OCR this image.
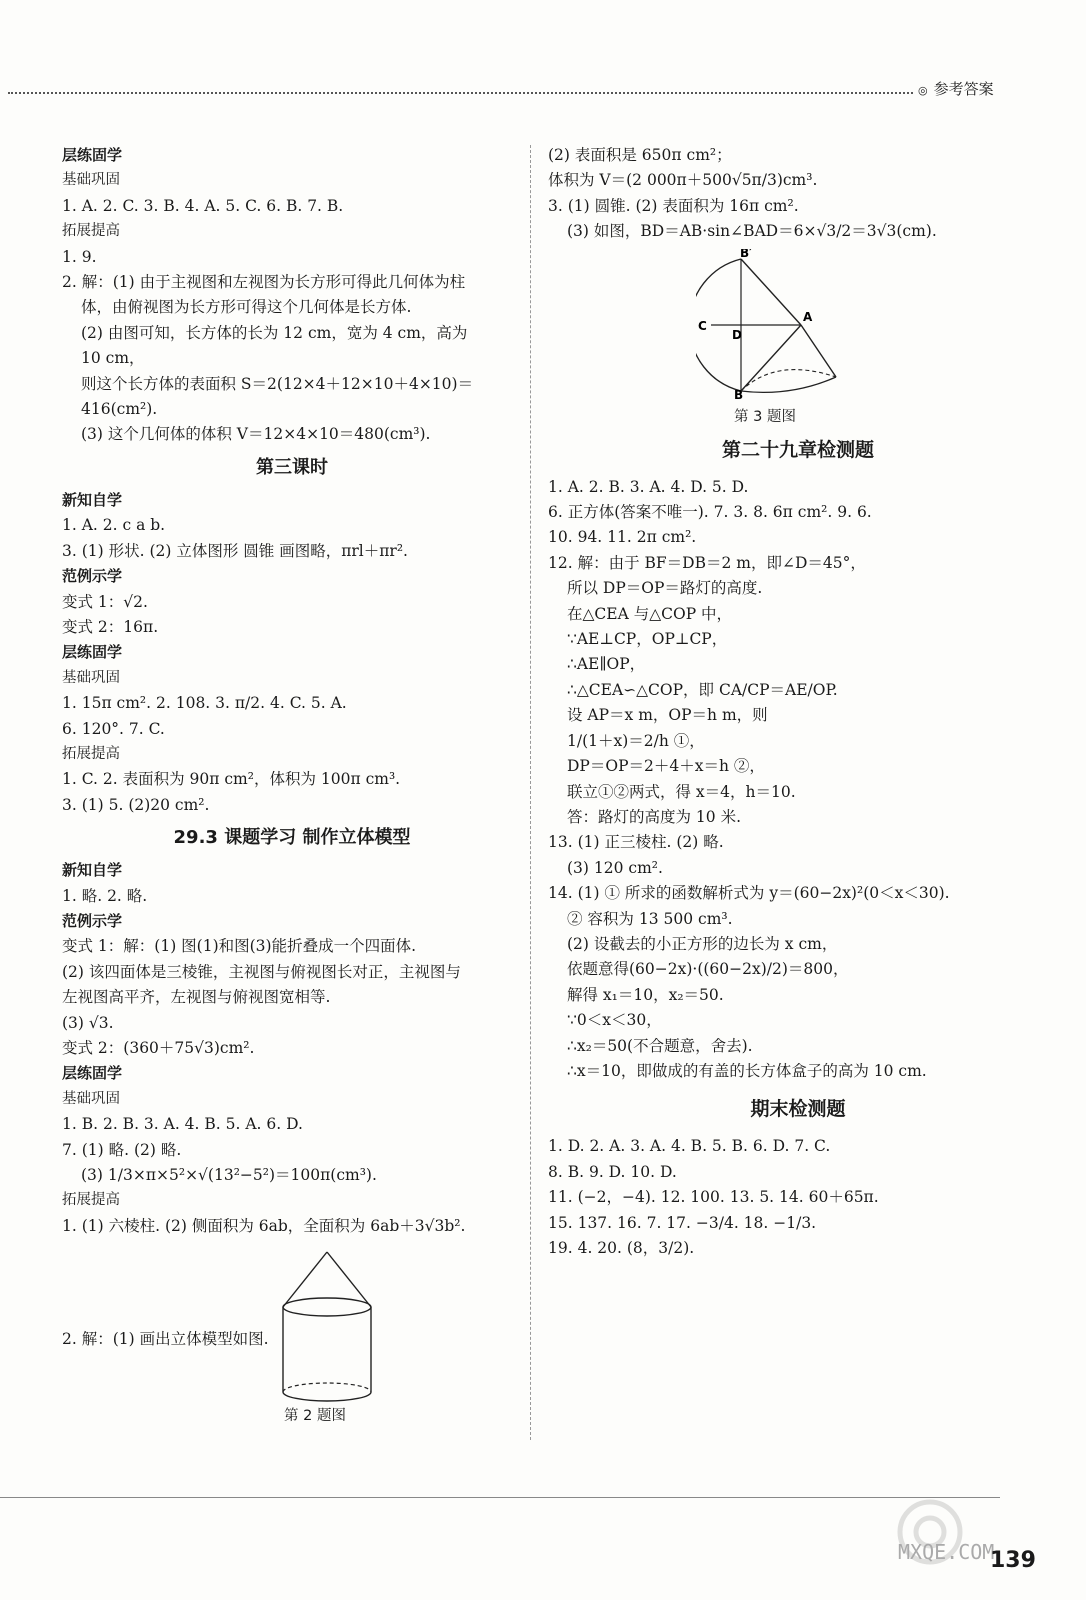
◎ 参考答案
层练固学
基础巩固
1. A. 2. C. 3. B. 4. A. 5. C. 6. B. 7. B.
拓展提高
1. 9.
2. 解：(1) 由于主视图和左视图为长方形可得此几何体为柱
体，由俯视图为长方形可得这个几何体是长方体.
(2) 由图可知，长方体的长为 12 cm，宽为 4 cm，高为
10 cm，
则这个长方体的表面积 S＝2(12×4＋12×10＋4×10)＝
416(cm²).
(3) 这个几何体的体积 V＝12×4×10＝480(cm³).
第三课时
新知自学
1. A. 2. c a b.
3. (1) 形状. (2) 立体图形 圆锥 画图略，πrl＋πr².
范例示学
变式 1：√2.
变式 2：16π.
层练固学
基础巩固
1. 15π cm². 2. 108. 3. π/2. 4. C. 5. A.
6. 120°. 7. C.
拓展提高
1. C. 2. 表面积为 90π cm²，体积为 100π cm³.
3. (1) 5. (2)20 cm².
29.3 课题学习 制作立体模型
新知自学
1. 略. 2. 略.
范例示学
变式 1：解：(1) 图(1)和图(3)能折叠成一个四面体.
(2) 该四面体是三棱锥，主视图与俯视图长对正，主视图与
左视图高平齐，左视图与俯视图宽相等.
(3) √3.
变式 2：(360＋75√3)cm².
层练固学
基础巩固
1. B. 2. B. 3. A. 4. B. 5. A. 6. D.
7. (1) 略. (2) 略.
(3) 1/3×π×5²×√(13²−5²)＝100π(cm³).
拓展提高
1. (1) 六棱柱. (2) 侧面积为 6ab，全面积为 6ab＋3√3b².
2. 解：(1) 画出立体模型如图.
第 2 题图
(2) 表面积是 650π cm²；
体积为 V＝(2 000π＋500√5π/3)cm³.
3. (1) 圆锥. (2) 表面积为 16π cm².
(3) 如图，BD＝AB·sin∠BAD＝6×√3/2＝3√3(cm).
B′
C
D
A
B
第 3 题图
第二十九章检测题
1. A. 2. B. 3. A. 4. D. 5. D.
6. 正方体(答案不唯一). 7. 3. 8. 6π cm². 9. 6.
10. 94. 11. 2π cm².
12. 解：由于 BF＝DB＝2 m，即∠D＝45°，
所以 DP＝OP＝路灯的高度.
在△CEA 与△COP 中，
∵AE⊥CP，OP⊥CP，
∴AE∥OP，
∴△CEA∽△COP，即 CA/CP＝AE/OP.
设 AP＝x m，OP＝h m，则
1/(1＋x)＝2/h ①，
DP＝OP＝2＋4＋x＝h ②，
联立①②两式，得 x＝4，h＝10.
答：路灯的高度为 10 米.
13. (1) 正三棱柱. (2) 略.
(3) 120 cm².
14. (1) ① 所求的函数解析式为 y＝(60−2x)²(0＜x＜30).
② 容积为 13 500 cm³.
(2) 设截去的小正方形的边长为 x cm，
依题意得(60−2x)·((60−2x)/2)＝800，
解得 x₁＝10，x₂＝50.
∵0＜x＜30，
∴x₂＝50(不合题意，舍去).
∴x＝10，即做成的有盖的长方体盒子的高为 10 cm.
期末检测题
1. D. 2. A. 3. A. 4. B. 5. B. 6. D. 7. C.
8. B. 9. D. 10. D.
11. (−2，−4). 12. 100. 13. 5. 14. 60＋65π.
15. 137. 16. 7. 17. −3/4. 18. −1/3.
19. 4. 20. (8，3/2).
MXQE.COM
139
